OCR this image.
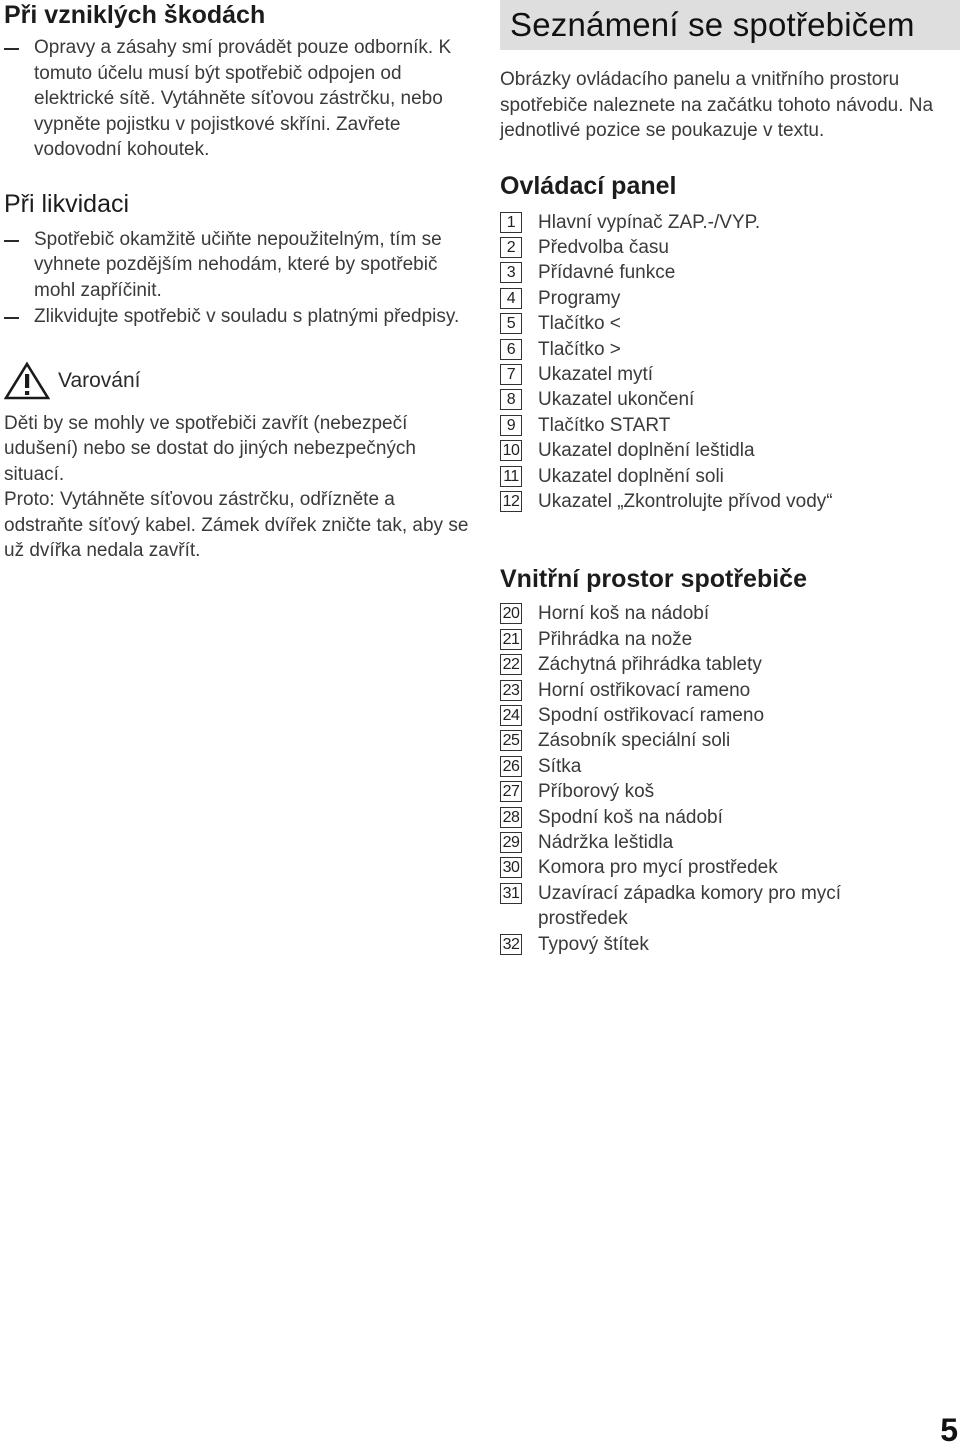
Při vzniklých škodách
Opravy a zásahy smí provádět pouze odborník. K tomuto účelu musí být spotřebič odpojen od elektrické sítě. Vytáhněte síťovou zástrčku, nebo vypněte pojistku v pojistkové skříni. Zavřete vodovodní kohoutek.
Při likvidaci
Spotřebič okamžitě učiňte nepoužitelným, tím se vyhnete pozdějším nehodám, které by spotřebič mohl zapříčinit.
Zlikvidujte spotřebič v souladu s platnými předpisy.
Varování

Děti by se mohly ve spotřebiči zavřít (nebezpečí udušení) nebo se dostat do jiných nebezpečných situací.

Proto: Vytáhněte síťovou zástrčku, odřízněte a odstraňte síťový kabel. Zámek dvířek zničte tak, aby se už dvířka nedala zavřít.

Seznámení se spotřebičem

Obrázky ovládacího panelu a vnitřního prostoru spotřebiče naleznete na začátku tohoto návodu. Na jednotlivé pozice se poukazuje v textu.

Ovládací panel
1	Hlavní vypínač ZAP.-/VYP.
2	Předvolba času
3	Přídavné funkce
4	Programy
5	Tlačítko <
6	Tlačítko >
7	Ukazatel mytí
8	Ukazatel ukončení
9	Tlačítko START
10 Ukazatel doplnění leštidla
11 Ukazatel doplnění soli
12 Ukazatel „Zkontrolujte přívod vody“
Vnitřní prostor spotřebiče
20 Horní koš na nádobí
21 Přihrádka na nože
22 Záchytná přihrádka tablety
23 Horní ostřikovací rameno
24 Spodní ostřikovací rameno
25 Zásobník speciální soli
26 Sítka
27 Příborový koš
28 Spodní koš na nádobí
29 Nádržka leštidla
30 Komora pro mycí prostředek
31 Uzavírací západka komory pro mycí prostředek
32 Typový štítek
5
